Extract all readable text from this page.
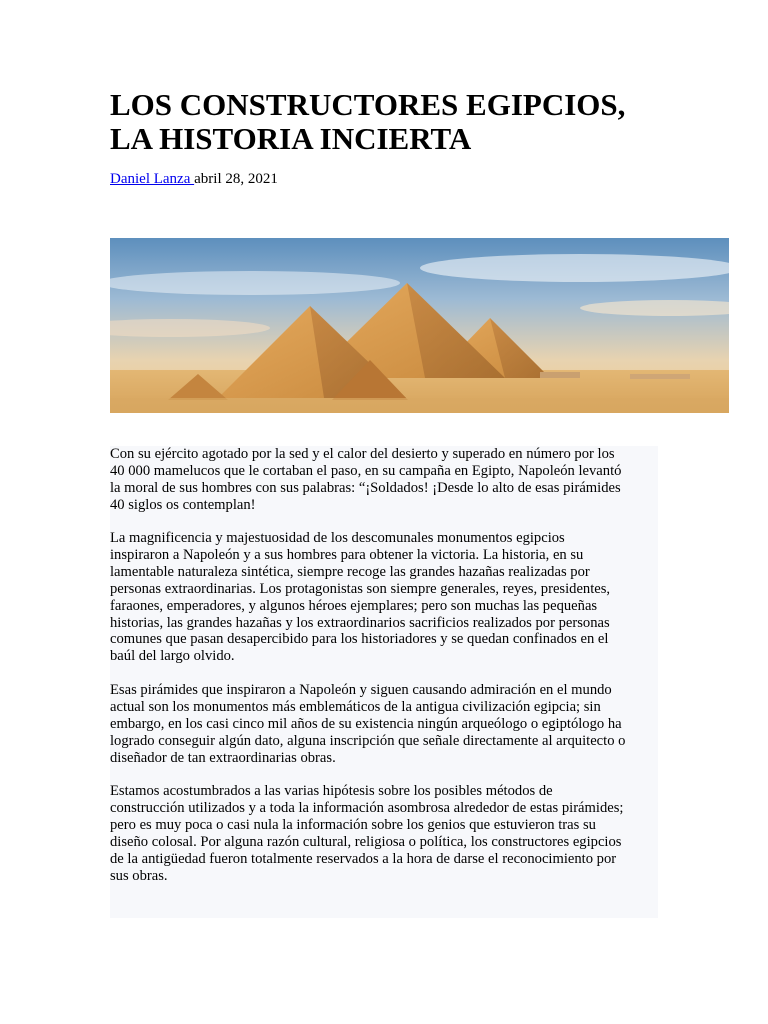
LOS CONSTRUCTORES EGIPCIOS,
LA HISTORIA INCIERTA
Daniel Lanza abril 28, 2021
Con su ejército agotado por la sed y el calor del desierto y superado en número por los
40 000 mamelucos que le cortaban el paso, en su campaña en Egipto, Napoleón levantó
la moral de sus hombres con sus palabras: “¡Soldados! ¡Desde lo alto de esas pirámides
40 siglos os contemplan!
La magnificencia y majestuosidad de los descomunales monumentos egipcios
inspiraron a Napoleón y a sus hombres para obtener la victoria. La historia, en su
lamentable naturaleza sintética, siempre recoge las grandes hazañas realizadas por
personas extraordinarias. Los protagonistas son siempre generales, reyes, presidentes,
faraones, emperadores, y algunos héroes ejemplares; pero son muchas las pequeñas
historias, las grandes hazañas y los extraordinarios sacrificios realizados por personas
comunes que pasan desapercibido para los historiadores y se quedan confinados en el
baúl del largo olvido.
Esas pirámides que inspiraron a Napoleón y siguen causando admiración en el mundo
actual son los monumentos más emblemáticos de la antigua civilización egipcia; sin
embargo, en los casi cinco mil años de su existencia ningún arqueólogo o egiptólogo ha
logrado conseguir algún dato, alguna inscripción que señale directamente al arquitecto o
diseñador de tan extraordinarias obras.
Estamos acostumbrados a las varias hipótesis sobre los posibles métodos de
construcción utilizados y a toda la información asombrosa alrededor de estas pirámides;
pero es muy poca o casi nula la información sobre los genios que estuvieron tras su
diseño colosal. Por alguna razón cultural, religiosa o política, los constructores egipcios
de la antigüedad fueron totalmente reservados a la hora de darse el reconocimiento por
sus obras.
